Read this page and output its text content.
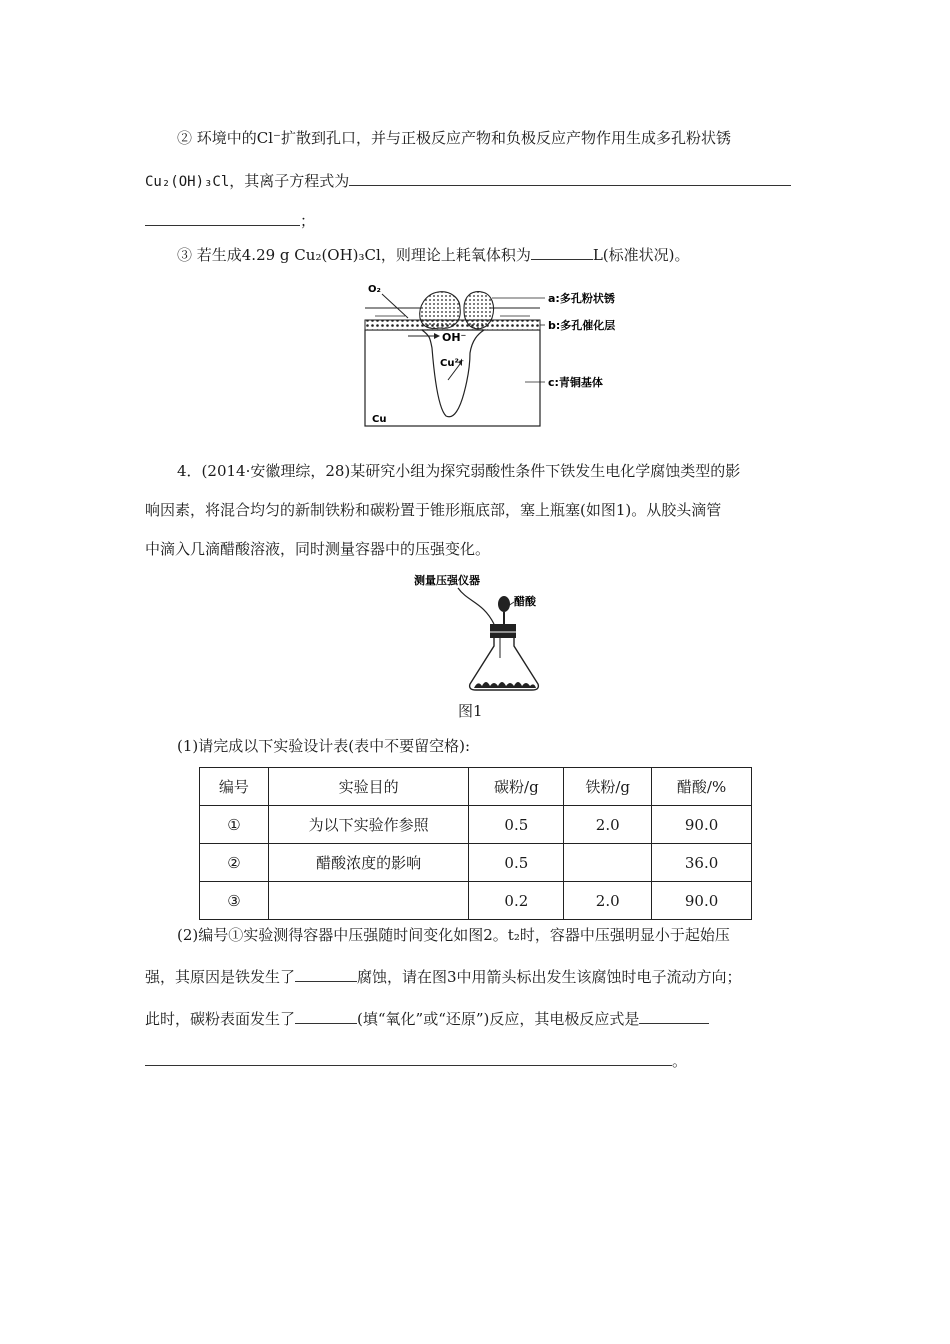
② 环境中的Cl⁻扩散到孔口，并与正极反应产物和负极反应产物作用生成多孔粉状锈
Cu₂(OH)₃Cl，其离子方程式为
；
③ 若生成4.29 g Cu₂(OH)₃Cl，则理论上耗氧体积为	L(标准状况)。
O₂
OH⁻
Cu²⁺
Cu
a:多孔粉状锈
b:多孔催化层
c:青铜基体
4．(2014·安徽理综，28)某研究小组为探究弱酸性条件下铁发生电化学腐蚀类型的影
响因素，将混合均匀的新制铁粉和碳粉置于锥形瓶底部，塞上瓶塞(如图1)。从胶头滴管
中滴入几滴醋酸溶液，同时测量容器中的压强变化。
测量压强仪器
醋酸
图1
(1)请完成以下实验设计表(表中不要留空格):
编号	实验目的	碳粉/g	铁粉/g	醋酸/%
①	为以下实验作参照	0.5	2.0	90.0
②	醋酸浓度的影响	0.5		36.0
③		0.2	2.0	90.0
(2)编号①实验测得容器中压强随时间变化如图2。t₂时，容器中压强明显小于起始压
强，其原因是铁发生了	腐蚀，请在图3中用箭头标出发生该腐蚀时电子流动方向；
此时，碳粉表面发生了	(填“氧化”或“还原”)反应，其电极反应式是
。
